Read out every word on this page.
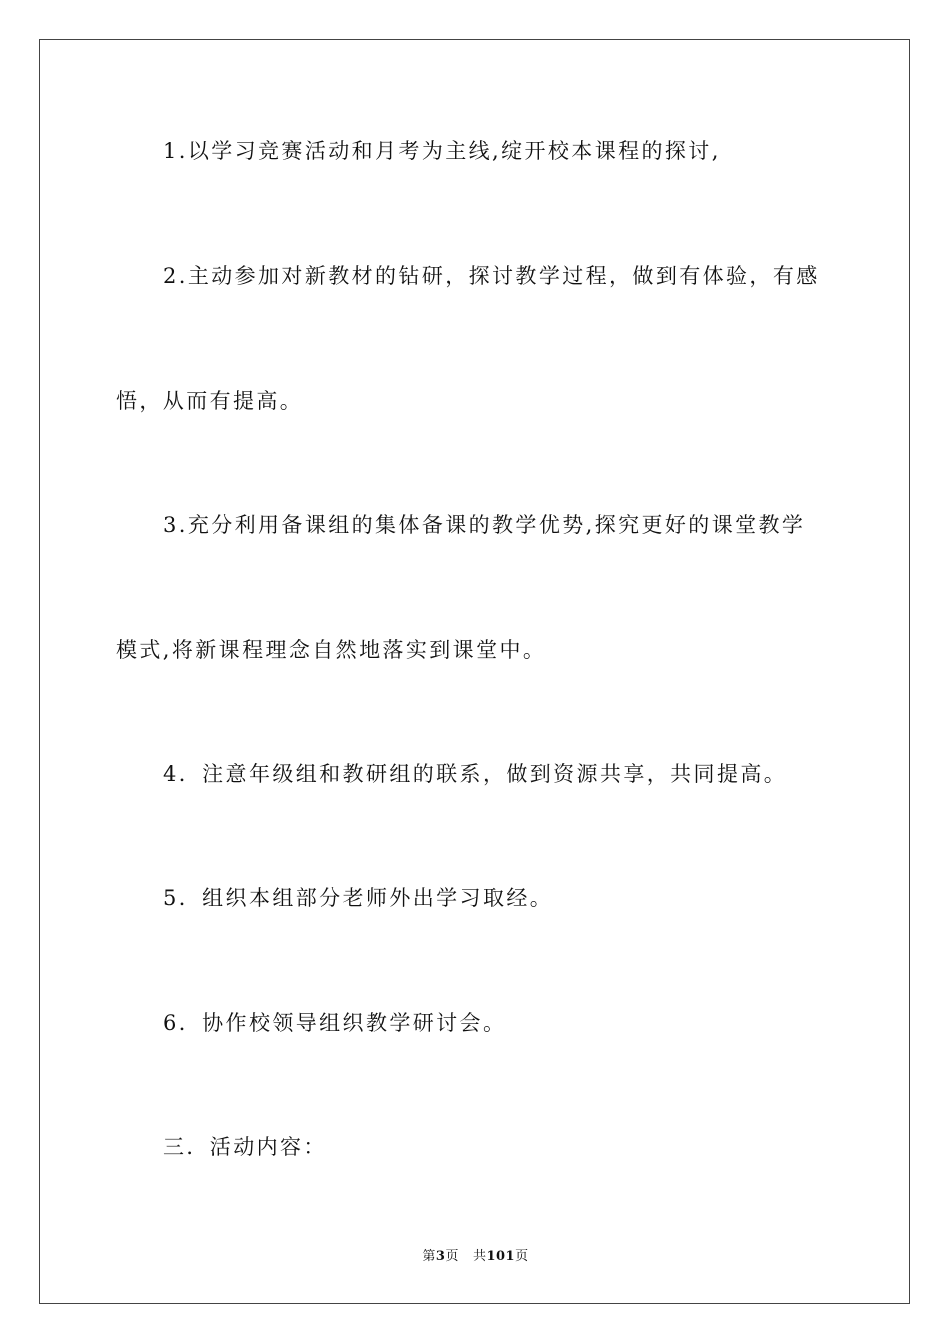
1.以学习竞赛活动和月考为主线,绽开校本课程的探讨,
2.主动参加对新教材的钻研，探讨教学过程，做到有体验，有感
悟，从而有提高。
3.充分利用备课组的集体备课的教学优势,探究更好的课堂教学
模式,将新课程理念自然地落实到课堂中。
4．注意年级组和教研组的联系，做到资源共享，共同提高。
5．组织本组部分老师外出学习取经。
6．协作校领导组织教学研讨会。
三．活动内容：
第3页 共101页
